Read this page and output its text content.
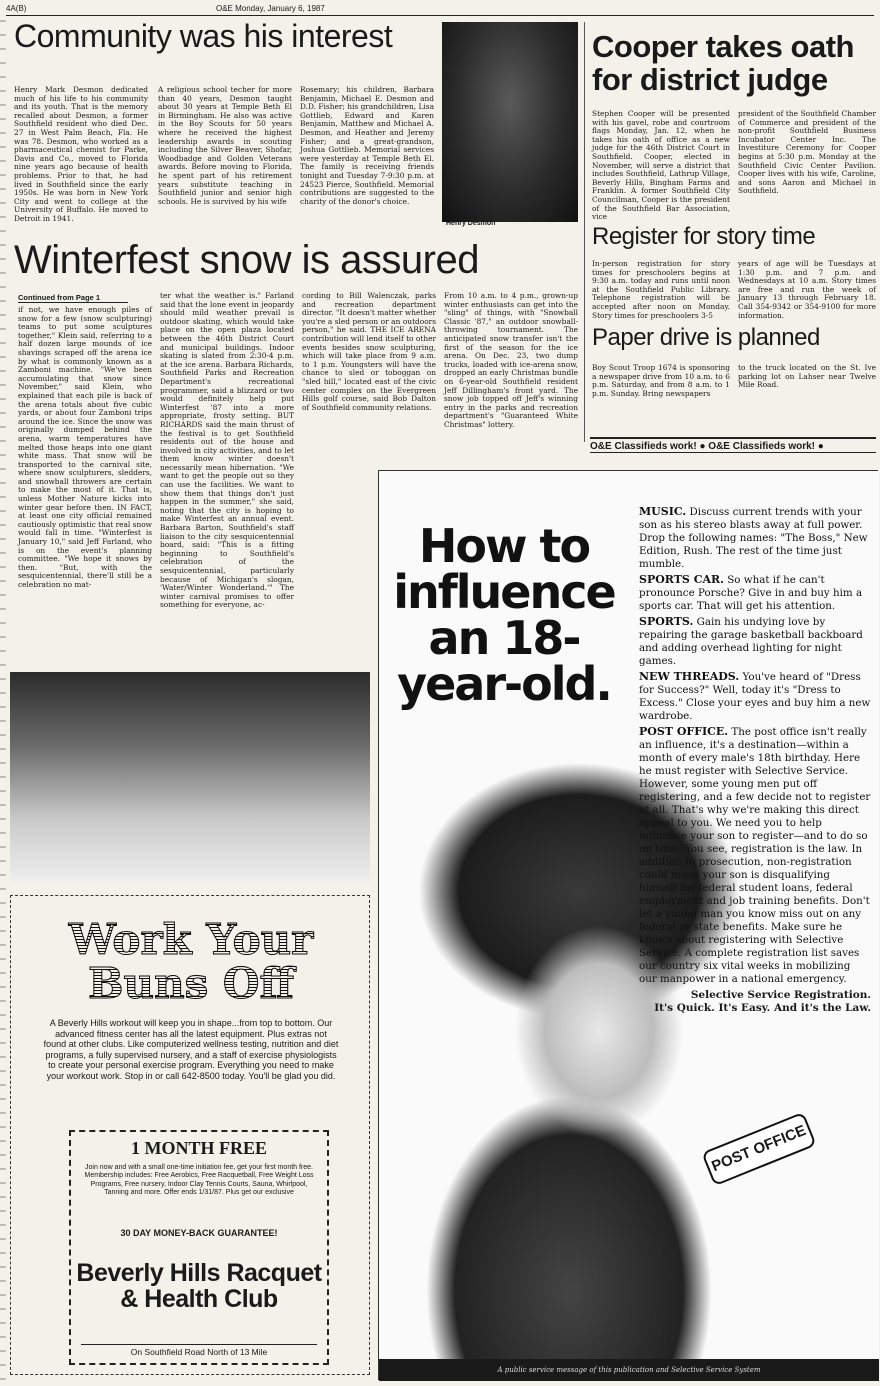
4A(B)	O&E Monday, January 6, 1987
Community was his interest
Henry Mark Desmon dedicated much of his life to his community and its youth. That is the memory recalled about Desmon, a former Southfield resident who died Dec. 27 in West Palm Beach, Fla. He was 78. Desmon, who worked as a pharmaceutical chemist for Parke, Davis and Co., moved to Florida nine years ago because of health problems. Prior to that, he had lived in Southfield since the early 1950s. He was born in New York City and went to college at the University of Buffalo. He moved to Detroit in 1941.
A religious school techer for more than 40 years, Desmon taught about 30 years at Temple Beth El in Birmingham. He also was active in the Boy Scouts for 50 years where he received the highest leadership awards in scouting including the Silver Beaver, Shofar, Woodbadge and Golden Veterans awards. Before moving to Florida, he spent part of his retirement years substitute teaching in Southfield junior and senior high schools. He is survived by his wife
Rosemary; his children, Barbara Benjamin, Michael E. Desmon and D.D. Fisher; his grandchildren, Lisa Gottlieb, Edward and Karen Benjamin, Matthew and Michael A. Desmon, and Heather and Jeremy Fisher; and a great-grandson, Joshua Gottlieb. Memorial services were yesterday at Temple Beth El. The family is receiving friends tonight and Tuesday 7-9:30 p.m. at 24523 Pierce, Southfield. Memorial contributions are suggested to the charity of the donor's choice.
Henry Desmon
Cooper takes oath for district judge
Stephen Cooper will be presented with his gavel, robe and courtroom flags Monday, Jan. 12, when he takes his oath of office as a new judge for the 46th District Court in Southfield. Cooper, elected in November, will serve a district that includes Southfield, Lathrup Village, Beverly Hills, Bingham Farms and Franklin. A former Southfield City Councilman, Cooper is the president of the Southfield Bar Association, vice
president of the Southfield Chamber of Commerce and president of the non-profit Southfield Business Incubator Center Inc. The Investiture Ceremony for Cooper begins at 5:30 p.m. Monday at the Southfield Civic Center Pavilion. Cooper lives with his wife, Caroline, and sons Aaron and Michael in Southfield.
Register for story time
In-person registration for story times for preschoolers begins at 9:30 a.m. today and runs until noon at the Southfield Public Library. Telephone registration will be accepted after noon on Monday. Story times for preschoolers 3-5
years of age will be Tuesdays at 1:30 p.m. and 7 p.m. and Wednesdays at 10 a.m. Story times are free and run the week of January 13 through February 18. Call 354-9342 or 354-9100 for more information.
Paper drive is planned
Boy Scout Troop 1674 is sponsoring a newspaper drive from 10 a.m. to 6 p.m. Saturday, and from 8 a.m. to 1 p.m. Sunday. Bring newspapers
to the truck located on the St. Ive parking lot on Lahser near Twelve Mile Road.
O&E Classifieds work! ● O&E Classifieds work! ●
Winterfest snow is assured
Continued from Page 1
if not, we have enough piles of snow for a few (snow sculpturing) teams to put some sculptures together," Klein said, referring to a half dozen large mounds of ice shavings scraped off the arena ice by what is commonly known as a Zamboni machine. "We've been accumulating that snow since November," said Klein, who explained that each pile is back of the arena totals about five cubic yards, or about four Zamboni trips around the ice. Since the snow was originally dumped behind the arena, warm temperatures have melted those heaps into one giant white mass. That snow will be transported to the carnival site, where snow sculpturers, sledders, and snowball throwers are certain to make the most of it. That is, unless Mother Nature kicks into winter gear before then. IN FACT, at least one city official remained cautiously optimistic that real snow would fall in time. "Winterfest is January 10," said Jeff Farland, who is on the event's planning committee. "We hope it snows by then. "But, with the sesquicentennial, there'll still be a celebration no mat-
ter what the weather is." Farland said that the lone event in jeopardy should mild weather prevail is outdoor skating, which would take place on the open plaza located between the 46th District Court and municipal buildings. Indoor skating is slated from 2:30-4 p.m. at the ice arena. Barbara Richards, Southfield Parks and Recreation Department's recreational programmer, said a blizzard or two would definitely help put Winterfest '87 into a more appropriate, frosty setting. BUT RICHARDS said the main thrust of the festival is to get Southfield residents out of the house and involved in city activities, and to let them know winter doesn't necessarily mean hibernation. "We want to get the people out so they can use the facilities. We want to show them that things don't just happen in the summer," she said, noting that the city is hoping to make Winterfest an annual event. Barbara Barton, Southfield's staff liaison to the city sesquicentennial board, said: "This is a fitting beginning to Southfield's celebration of the sesquicentennial, particularly because of Michigan's slogan, 'Water/Winter Wonderland.'" The winter carnival promises to offer something for everyone, ac-
cording to Bill Walenczak, parks and recreation department director. "It doesn't matter whether you're a sled person or an outdoors person," he said. THE ICE ARENA contribution will lend itself to other events besides snow sculpturing, which will take place from 9 a.m. to 1 p.m. Youngsters will have the chance to sled or toboggan on "sled hill," located east of the civic center complex on the Evergreen Hills golf course, said Bob Dalton of Southfield community relations.
From 10 a.m. to 4 p.m., grown-up winter enthusiasts can get into the "sling" of things, with "Snowball Classic '87," an outdoor snowball-throwing tournament. The anticipated snow transfer isn't the first of the season for the ice arena. On Dec. 23, two dump trucks, loaded with ice-arena snow, dropped an early Christmas bundle on 6-year-old Southfield resident Jeff Dillingham's front yard. The snow job topped off Jeff's winning entry in the parks and recreation department's "Guaranteed White Christmas" lottery.
Work Your Buns Off
A Beverly Hills workout will keep you in shape...from top to bottom. Our advanced fitness center has all the latest equipment. Plus extras not found at other clubs. Like computerized wellness testing, nutrition and diet programs, a fully supervised nursery, and a staff of exercise physiologists to create your personal exercise program. Everything you need to make your workout work. Stop in or call 642-8500 today. You'll be glad you did.
1 MONTH FREE
Join now and with a small one-time initiation fee, get your first month free. Membership includes: Free Aerobics, Free Racquetball, Free Weight Loss Programs, Free nursery, Indoor Clay Tennis Courts, Sauna, Whirlpool, Tanning and more. Offer ends 1/31/87. Plus get our exclusive
30 DAY MONEY-BACK GUARANTEE!
Beverly Hills Racquet & Health Club
On Southfield Road North of 13 Mile
How to influence an 18-year-old.

MUSIC. Discuss current trends with your son as his stereo blasts away at full power. Drop the following names: "The Boss," New Edition, Rush. The rest of the time just mumble.

SPORTS CAR. So what if he can't pronounce Porsche? Give in and buy him a sports car. That will get his attention.

SPORTS. Gain his undying love by repairing the garage basketball backboard and adding overhead lighting for night games.

NEW THREADS. You've heard of "Dress for Success?" Well, today it's "Dress to Excess." Close your eyes and buy him a new wardrobe.

POST OFFICE. The post office isn't really an influence, it's a destination—within a month of every male's 18th birthday. Here he must register with Selective Service. However, some young men put off registering, and a few decide not to register at all. That's why we're making this direct appeal to you. We need you to help influence your son to register—and to do so on time. You see, registration is the law. In addition to prosecution, non-registration could mean your son is disqualifying himself for federal student loans, federal employment and job training benefits. Don't let a young man you know miss out on any federal or state benefits. Make sure he knows about registering with Selective Service. A complete registration list saves our country six vital weeks in mobilizing our manpower in a national emergency.

Selective Service Registration.
It's Quick. It's Easy. And it's the Law.
POST OFFICE
A public service message of this publication and Selective Service System
